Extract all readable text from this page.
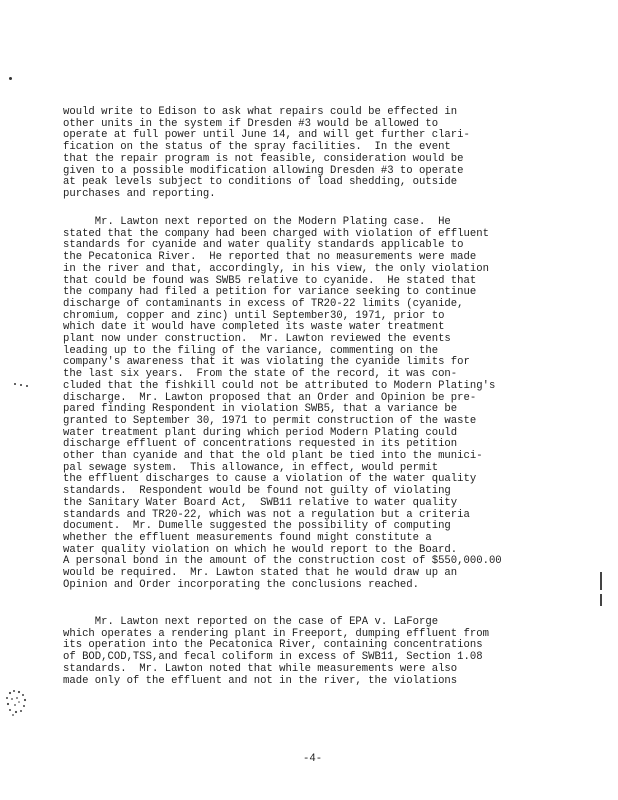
would write to Edison to ask what repairs could be effected in
other units in the system if Dresden #3 would be allowed to
operate at full power until June 14, and will get further clari-
fication on the status of the spray facilities.  In the event
that the repair program is not feasible, consideration would be
given to a possible modification allowing Dresden #3 to operate
at peak levels subject to conditions of load shedding, outside
purchases and reporting.

Mr. Lawton next reported on the Modern Plating case.  He
stated that the company had been charged with violation of effluent
standards for cyanide and water quality standards applicable to
the Pecatonica River.  He reported that no measurements were made
in the river and that, accordingly, in his view, the only violation
that could be found was SWB5 relative to cyanide.  He stated that
the company had filed a petition for variance seeking to continue
discharge of contaminants in excess of TR20-22 limits (cyanide,
chromium, copper and zinc) until September30, 1971, prior to
which date it would have completed its waste water treatment
plant now under construction.  Mr. Lawton reviewed the events
leading up to the filing of the variance, commenting on the
company's awareness that it was violating the cyanide limits for
the last six years.  From the state of the record, it was con-
cluded that the fishkill could not be attributed to Modern Plating's
discharge.  Mr. Lawton proposed that an Order and Opinion be pre-
pared finding Respondent in violation SWB5, that a variance be
granted to September 30, 1971 to permit construction of the waste
water treatment plant during which period Modern Plating could
discharge effluent of concentrations requested in its petition
other than cyanide and that the old plant be tied into the munici-
pal sewage system.  This allowance, in effect, would permit
the effluent discharges to cause a violation of the water quality
standards.  Respondent would be found not guilty of violating
the Sanitary Water Board Act,  SWB11 relative to water quality
standards and TR20-22, which was not a regulation but a criteria
document.  Mr. Dumelle suggested the possibility of computing
whether the effluent measurements found might constitute a
water quality violation on which he would report to the Board.
A personal bond in the amount of the construction cost of $550,000.00
would be required.  Mr. Lawton stated that he would draw up an
Opinion and Order incorporating the conclusions reached.

Mr. Lawton next reported on the case of EPA v. LaForge
which operates a rendering plant in Freeport, dumping effluent from
its operation into the Pecatonica River, containing concentrations
of BOD,COD,TSS,and fecal coliform in excess of SWB11, Section 1.08
standards.  Mr. Lawton noted that while measurements were also
made only of the effluent and not in the river, the violations

-4-
